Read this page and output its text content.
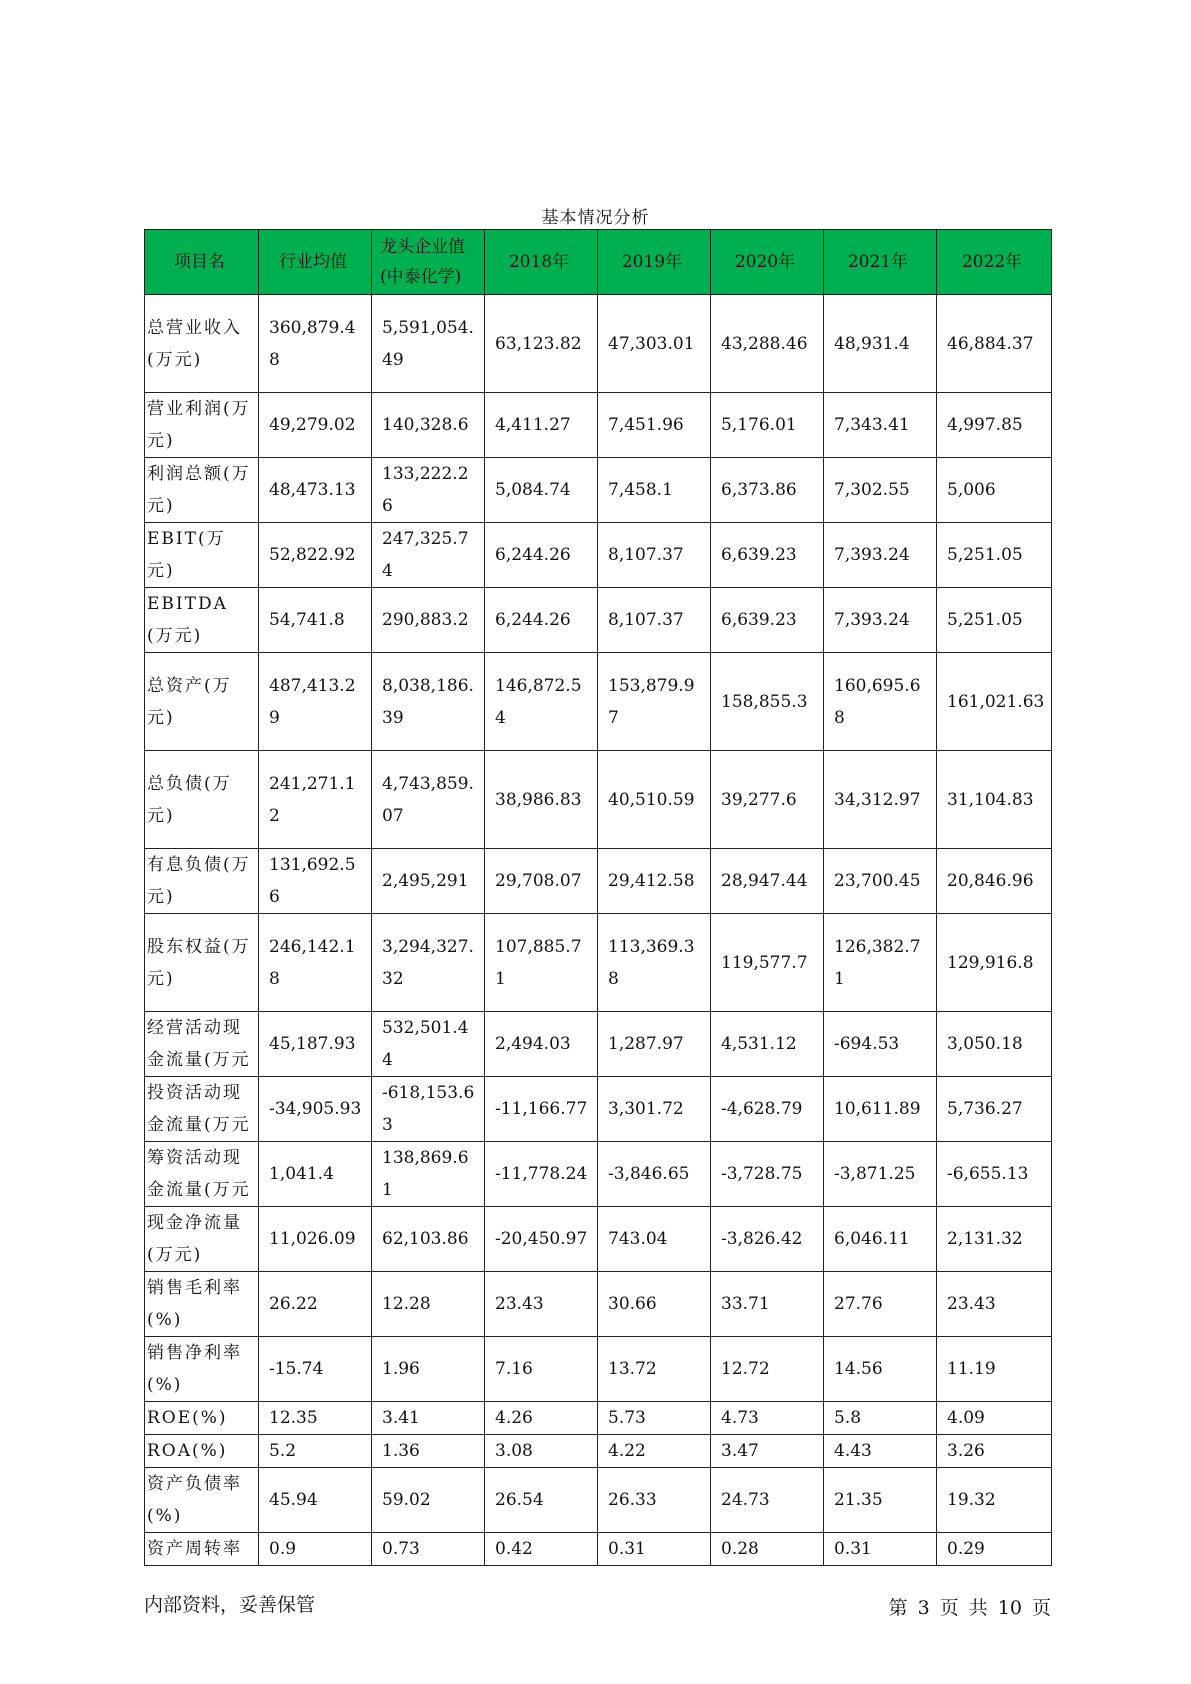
基本情况分析
项目名	行业均值	龙头企业值(中泰化学)	2018年	2019年	2020年	2021年	2022年
总营业收入(万元)	360,879.48	5,591,054.49	63,123.82	47,303.01	43,288.46	48,931.4	46,884.37
营业利润(万元)	49,279.02	140,328.6	4,411.27	7,451.96	5,176.01	7,343.41	4,997.85
利润总额(万元)	48,473.13	133,222.26	5,084.74	7,458.1	6,373.86	7,302.55	5,006
EBIT(万元)	52,822.92	247,325.74	6,244.26	8,107.37	6,639.23	7,393.24	5,251.05
EBITDA(万元)	54,741.8	290,883.2	6,244.26	8,107.37	6,639.23	7,393.24	5,251.05
总资产(万元)	487,413.29	8,038,186.39	146,872.54	153,879.97	158,855.3	160,695.68	161,021.63
总负债(万元)	241,271.12	4,743,859.07	38,986.83	40,510.59	39,277.6	34,312.97	31,104.83
有息负债(万元)	131,692.56	2,495,291	29,708.07	29,412.58	28,947.44	23,700.45	20,846.96
股东权益(万元)	246,142.18	3,294,327.32	107,885.71	113,369.38	119,577.7	126,382.71	129,916.8
经营活动现金流量(万元	45,187.93	532,501.44	2,494.03	1,287.97	4,531.12	-694.53	3,050.18
投资活动现金流量(万元	-34,905.93	-618,153.63	-11,166.77	3,301.72	-4,628.79	10,611.89	5,736.27
筹资活动现金流量(万元	1,041.4	138,869.61	-11,778.24	-3,846.65	-3,728.75	-3,871.25	-6,655.13
现金净流量(万元)	11,026.09	62,103.86	-20,450.97	743.04	-3,826.42	6,046.11	2,131.32
销售毛利率(%)	26.22	12.28	23.43	30.66	33.71	27.76	23.43
销售净利率(%)	-15.74	1.96	7.16	13.72	12.72	14.56	11.19
ROE(%)	12.35	3.41	4.26	5.73	4.73	5.8	4.09
ROA(%)	5.2	1.36	3.08	4.22	3.47	4.43	3.26
资产负债率(%)	45.94	59.02	26.54	26.33	24.73	21.35	19.32
资产周转率	0.9	0.73	0.42	0.31	0.28	0.31	0.29
内部资料，妥善保管	第 3 页 共 10 页
